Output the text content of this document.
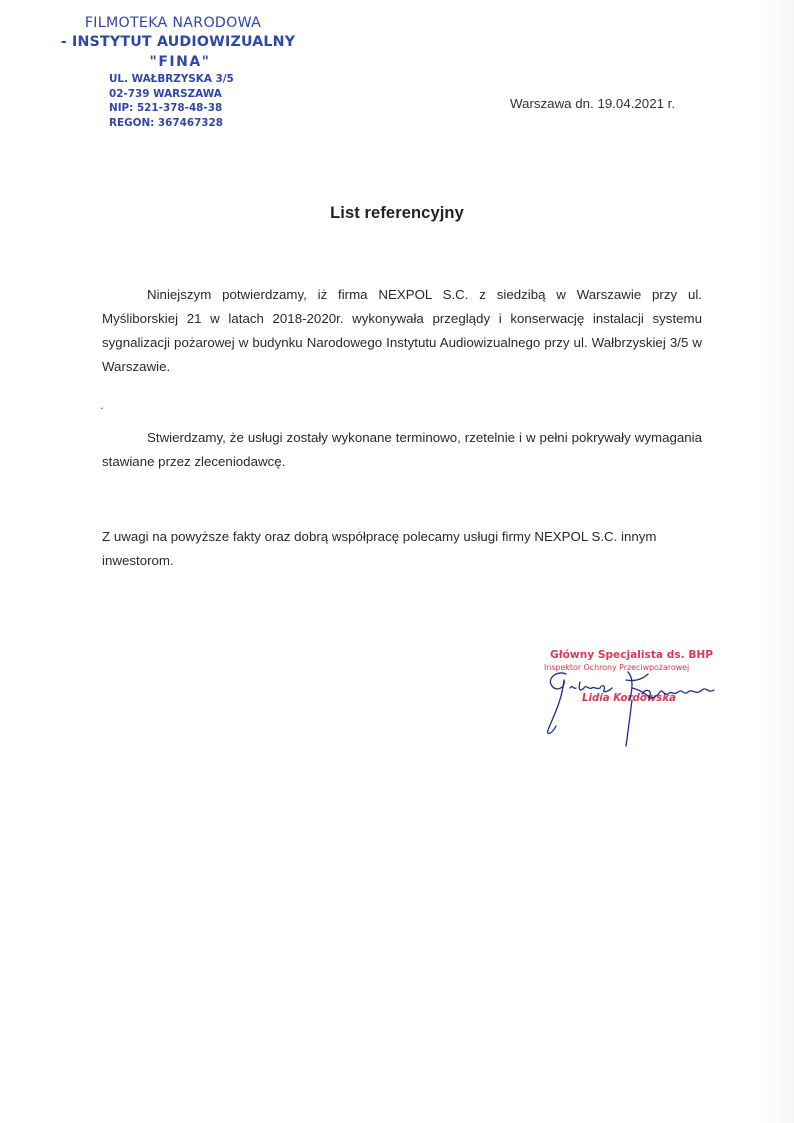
FILMOTEKA NARODOWA
- INSTYTUT AUDIOWIZUALNY
"FINA"
UL. WAŁBRZYSKA 3/5
02-739 WARSZAWA
NIP: 521-378-48-38
REGON: 367467328
Warszawa dn. 19.04.2021 r.
List referencyjny
Niniejszym potwierdzamy, iż firma NEXPOL S.C. z siedzibą w Warszawie przy ul. Myśliborskiej 21 w latach 2018-2020r. wykonywała przeglądy i konserwację instalacji systemu sygnalizacji pożarowej w budynku Narodowego Instytutu Audiowizualnego przy ul. Wałbrzyskiej 3/5 w Warszawie.
.
Stwierdzamy, że usługi zostały wykonane terminowo, rzetelnie i w pełni pokrywały wymagania stawiane przez zleceniodawcę.
Z uwagi na powyższe fakty oraz dobrą współpracę polecamy usługi firmy NEXPOL S.C. innym inwestorom.
Główny Specjalista ds. BHP
Inspektor Ochrony Przeciwpożarowej
Lidia Kordowska
